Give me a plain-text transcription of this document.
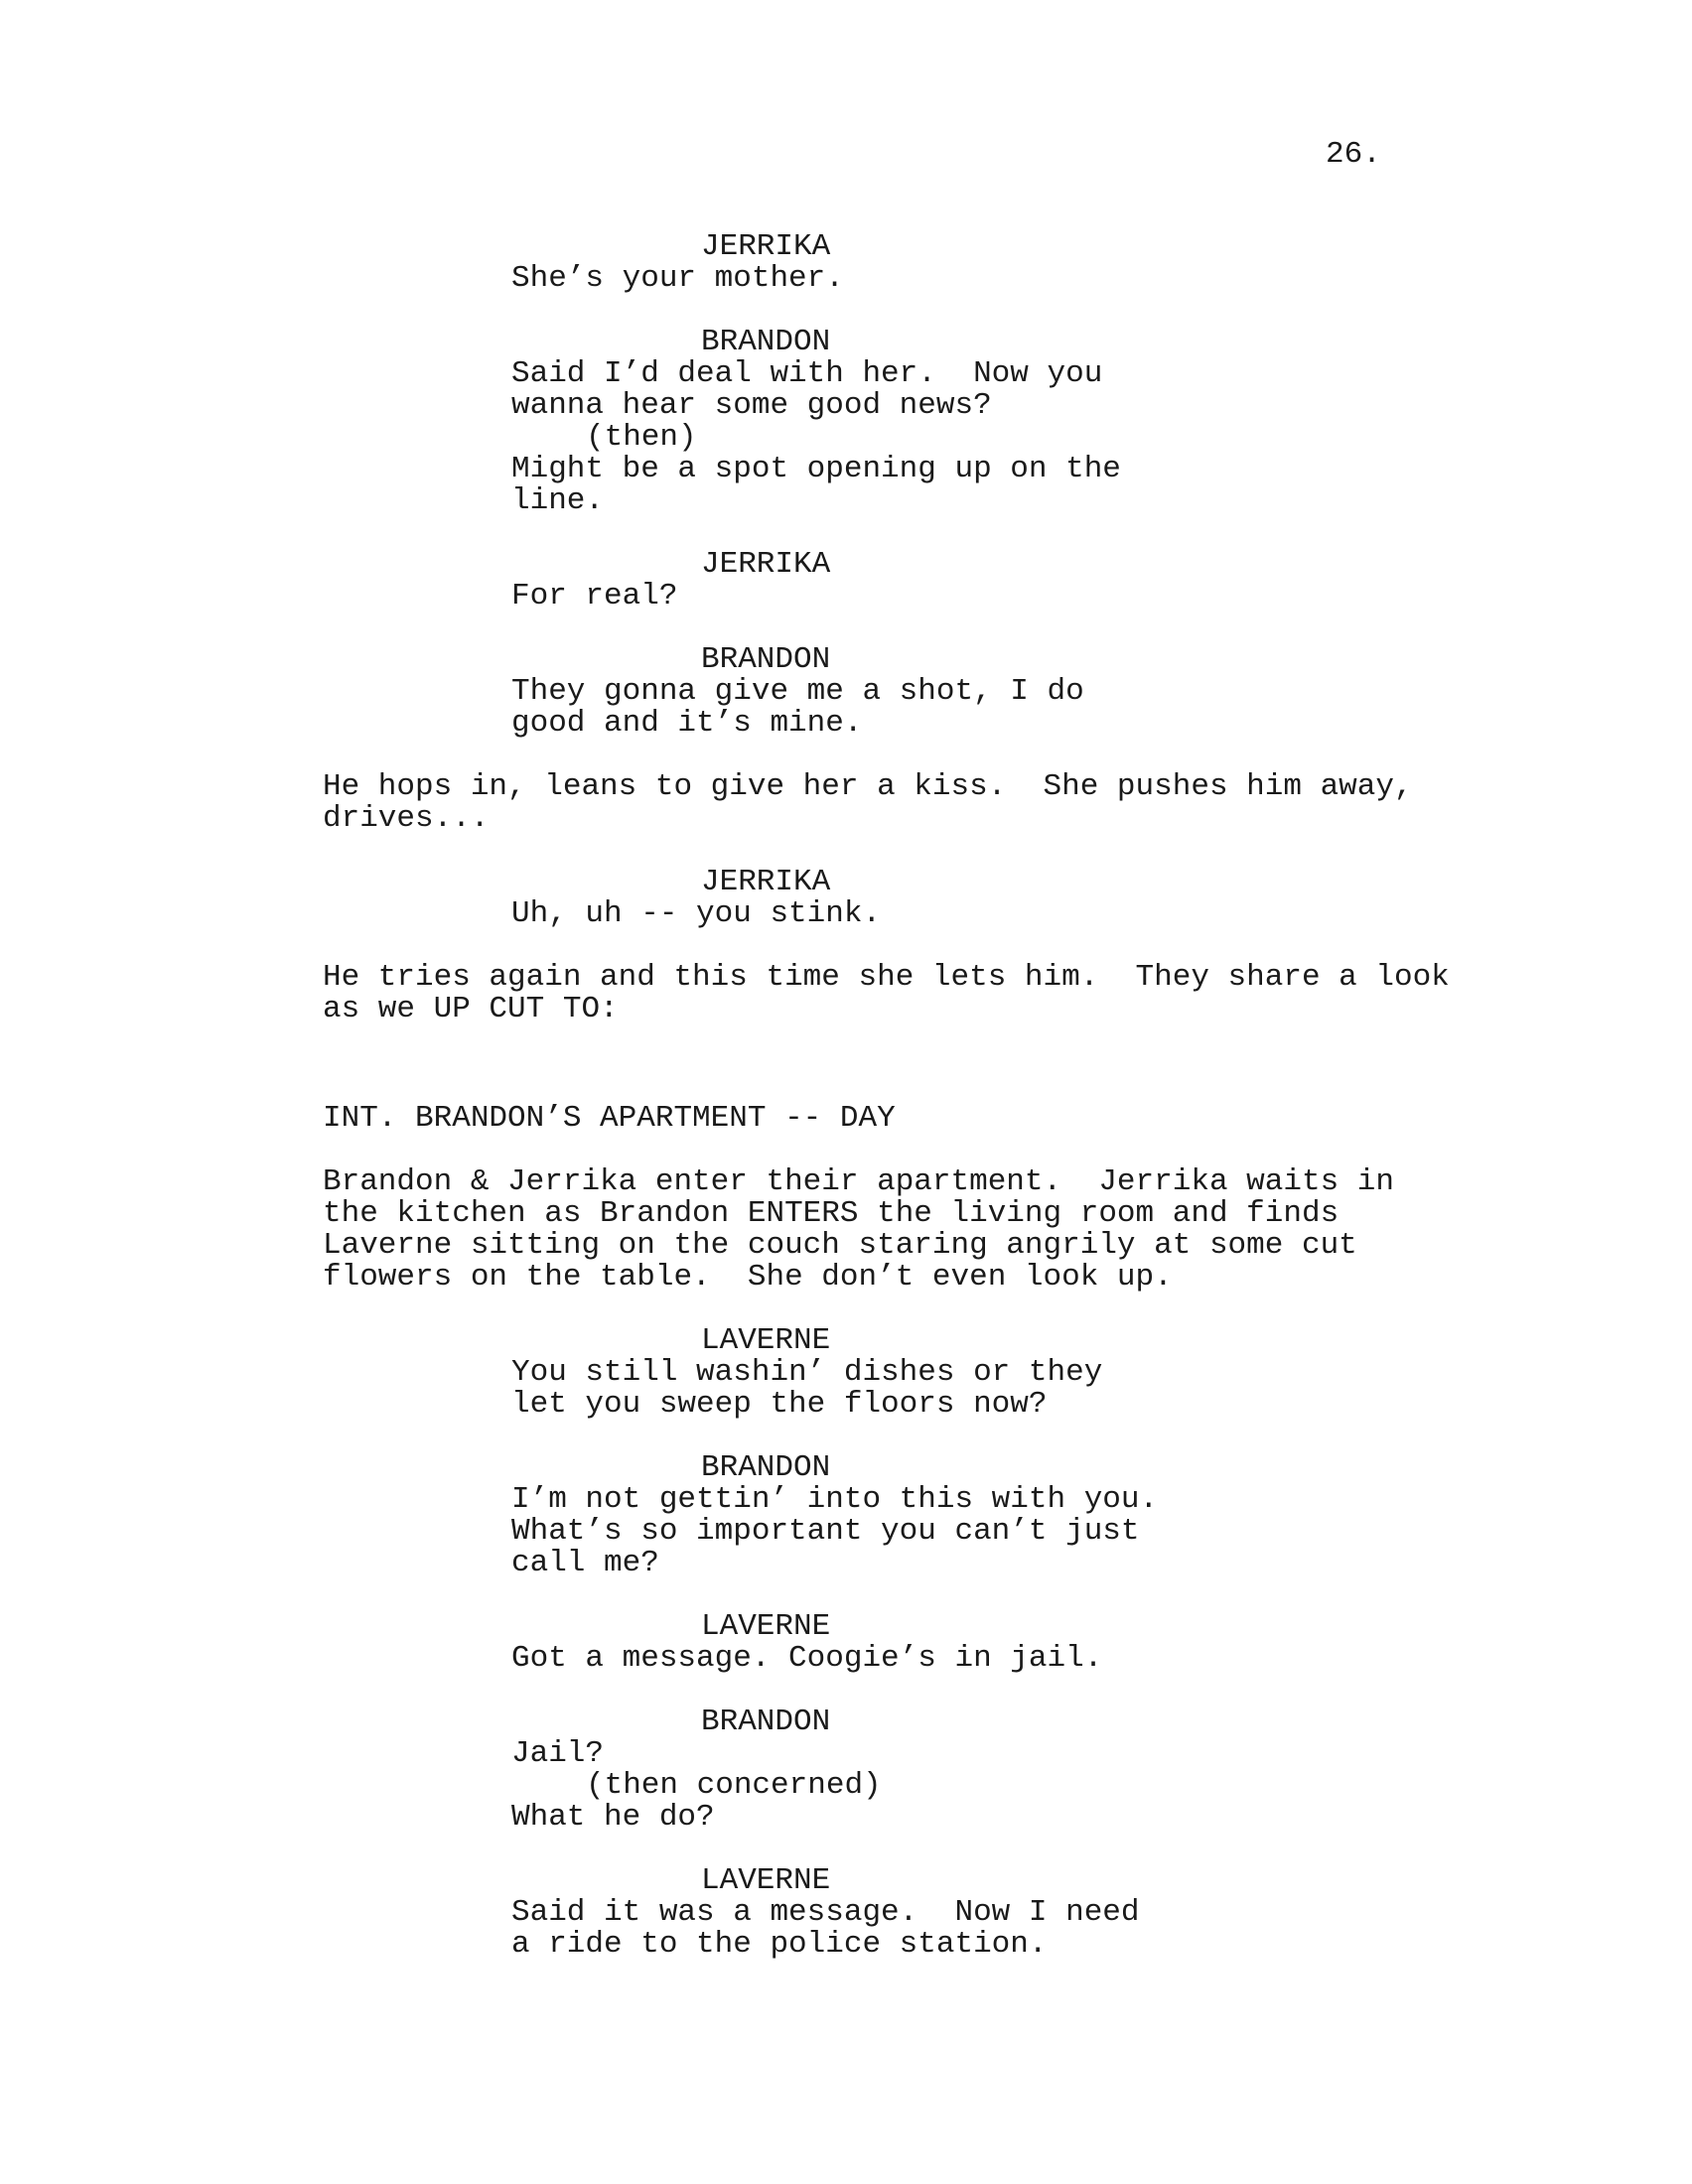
26.
JERRIKA
She’s your mother.
BRANDON
Said I’d deal with her.  Now you
wanna hear some good news?
(then)
Might be a spot opening up on the
line.
JERRIKA
For real?
BRANDON
They gonna give me a shot, I do
good and it’s mine.
He hops in, leans to give her a kiss.  She pushes him away,
drives...
JERRIKA
Uh, uh -- you stink.
He tries again and this time she lets him.  They share a look
as we UP CUT TO:
INT. BRANDON’S APARTMENT -- DAY
Brandon & Jerrika enter their apartment.  Jerrika waits in
the kitchen as Brandon ENTERS the living room and finds
Laverne sitting on the couch staring angrily at some cut
flowers on the table.  She don’t even look up.
LAVERNE
You still washin’ dishes or they
let you sweep the floors now?
BRANDON
I’m not gettin’ into this with you.
What’s so important you can’t just
call me?
LAVERNE
Got a message. Coogie’s in jail.
BRANDON
Jail?
(then concerned)
What he do?
LAVERNE
Said it was a message.  Now I need
a ride to the police station.
